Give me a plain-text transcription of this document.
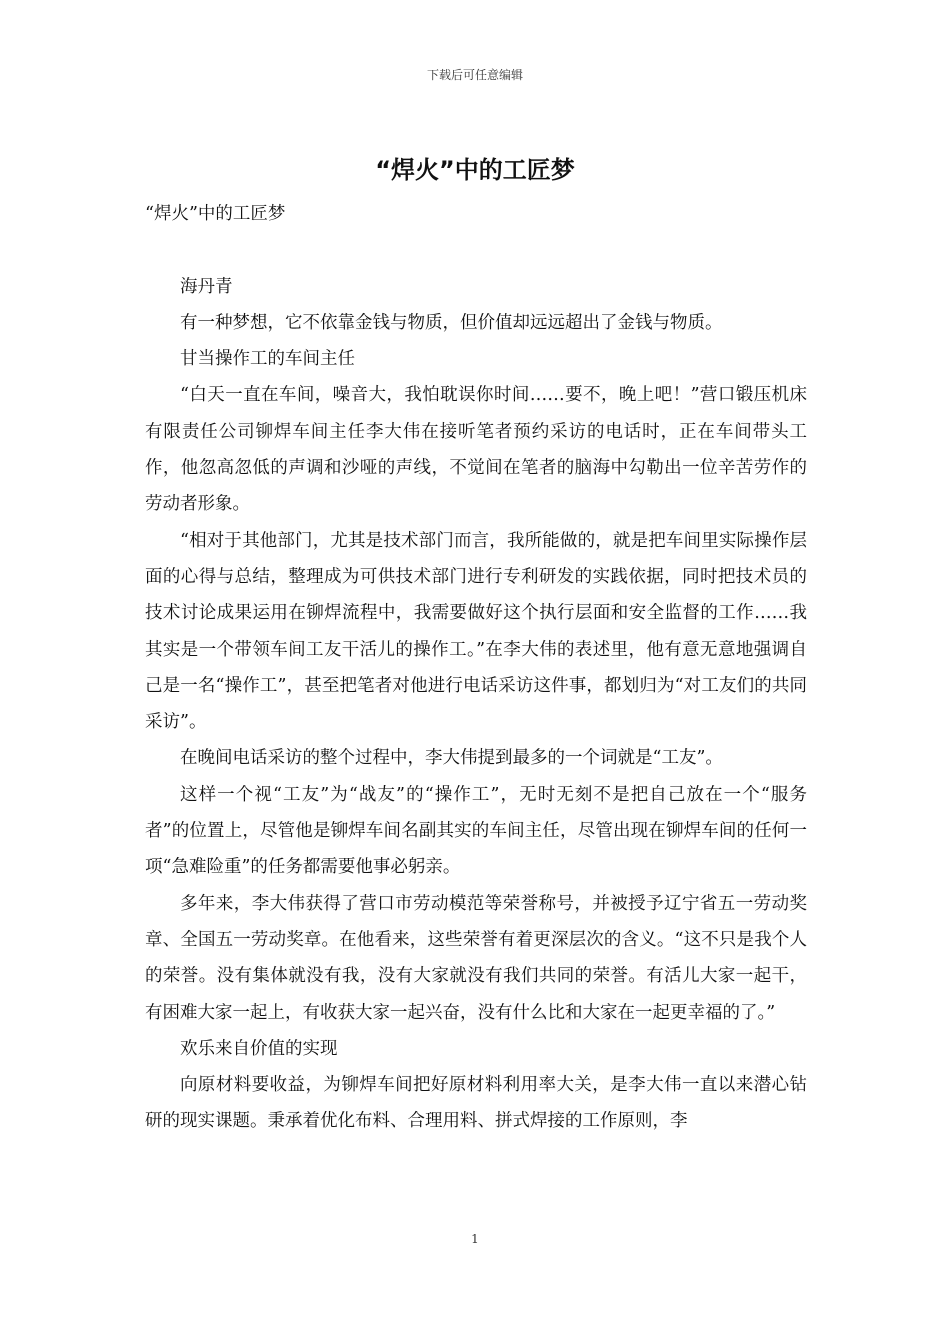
下载后可任意编辑
“焊火”中的工匠梦

“焊火”中的工匠梦

海丹青

有一种梦想，它不依靠金钱与物质，但价值却远远超出了金钱与物质。

甘当操作工的车间主任

“白天一直在车间，噪音大，我怕耽误你时间……要不，晚上吧！”营口锻压机床有限责任公司铆焊车间主任李大伟在接听笔者预约采访的电话时，正在车间带头工作，他忽高忽低的声调和沙哑的声线，不觉间在笔者的脑海中勾勒出一位辛苦劳作的劳动者形象。

“相对于其他部门，尤其是技术部门而言，我所能做的，就是把车间里实际操作层面的心得与总结，整理成为可供技术部门进行专利研发的实践依据，同时把技术员的技术讨论成果运用在铆焊流程中，我需要做好这个执行层面和安全监督的工作……我其实是一个带领车间工友干活儿的操作工。”在李大伟的表述里，他有意无意地强调自己是一名“操作工”，甚至把笔者对他进行电话采访这件事，都划归为“对工友们的共同采访”。

在晚间电话采访的整个过程中，李大伟提到最多的一个词就是“工友”。

这样一个视“工友”为“战友”的“操作工”，无时无刻不是把自己放在一个“服务者”的位置上，尽管他是铆焊车间名副其实的车间主任，尽管出现在铆焊车间的任何一项“急难险重”的任务都需要他事必躬亲。

多年来，李大伟获得了营口市劳动模范等荣誉称号，并被授予辽宁省五一劳动奖章、全国五一劳动奖章。在他看来，这些荣誉有着更深层次的含义。“这不只是我个人的荣誉。没有集体就没有我，没有大家就没有我们共同的荣誉。有活儿大家一起干，有困难大家一起上，有收获大家一起兴奋，没有什么比和大家在一起更幸福的了。”

欢乐来自价值的实现

向原材料要收益，为铆焊车间把好原材料利用率大关，是李大伟一直以来潜心钻研的现实课题。秉承着优化布料、合理用料、拼式焊接的工作原则，李

1
